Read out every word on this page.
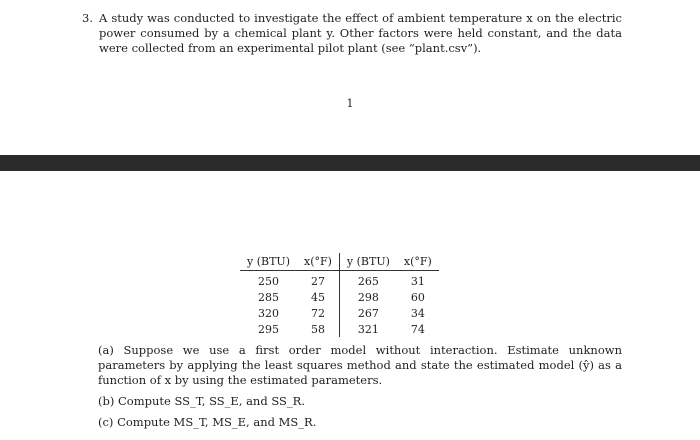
3. A study was conducted to investigate the effect of ambient temperature x on the electric power consumed by a chemical plant y. Other factors were held constant, and the data were collected from an experimental pilot plant (see “plant.csv”).
1
y (BTU)	x(°F)	y (BTU)	x(°F)
250	27	265	31
285	45	298	60
320	72	267	34
295	58	321	74

(a) Suppose we use a first order model without interaction. Estimate unknown parameters by applying the least squares method and state the estimated model (ŷ) as a function of x by using the estimated parameters.

(b) Compute SS_T, SS_E, and SS_R.

(c) Compute MS_T, MS_E, and MS_R.
